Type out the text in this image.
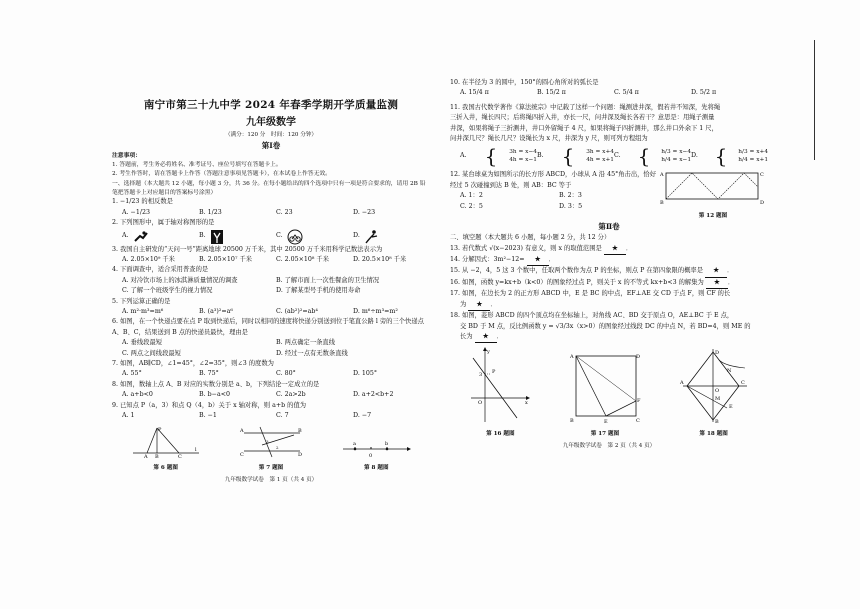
南宁市第三十九中学 2024 年春季学期开学质量监测
九年级数学
（满分：120 分　时间：120 分钟）
第Ⅰ卷
注意事项：
1. 答题前，考生务必将姓名、准考证号、座位号填写在答题卡上。
2. 考生作答时，请在答题卡上作答（答题注意事项见答题卡），在本试卷上作答无效。
一、选择题（本大题共 12 小题，每小题 3 分，共 36 分。在每小题给出的四个选项中只有一项是符合要求的，请用 2B 铅笔把答题卡上对应题目的答案标号涂黑）
1. −1/23 的相反数是
A. −1/23	B. 1/23	C. 23	D. −23
2. 下列图形中，属于轴对称图形的是
A.	B.	C.	D.
3. 我国自主研发的“天问一号”距离地球 20500 万千米，其中 20500 万千米用科学记数法表示为
A. 2.05×10⁹ 千米	B. 2.05×10⁷ 千米	C. 2.05×10⁸ 千米	D. 20.5×10⁸ 千米
4. 下面调查中，适合采用普查的是
A. 对冷饮市场上的冰淇淋质量情况的调查	B. 了解市面上一次性餐盒的卫生情况
C. 了解一个班级学生的视力情况	D. 了解某型号手机的使用寿命
5. 下列运算正确的是
A. m²·m³=m⁶	B. (a³)²=a⁶	C. (ab²)²=ab⁴	D. m⁶÷m³=m²
6. 如图，在一个快递点要在点 P 取到快递后，同时以相同的速度将快递分别送到位于笔直公路 l 旁的三个快递点 A、B、C，结果送到 B 点的快递员最快，理由是
A. 垂线段最短	B. 两点确定一条直线
C. 两点之间线段最短	D. 经过一点有无数条直线
7. 如图，AB∥CD，∠1=45°，∠2=35°，则∠3 的度数为
A. 55°	B. 75°	C. 80°	D. 105°
8. 如图，数轴上点 A、B 对应的实数分别是 a、b，下列结论一定成立的是
A. a+b<0	B. b−a<0	C. 2a>2b	D. a+2<b+2
9. 已知点 P（a，3）和点 Q（4，b）关于 x 轴对称，则 a+b 的值为
A. 1	B. −1	C. 7	D. −7
P
A B	C
l
第 6 题图
A	B
C	D
3
2
第 7 题图
a
0
b
第 8 题图
九年级数学试卷　第 1 页（共 4 页）
10. 在半径为 3 的圆中，150°的圆心角所对的弧长是
A. 15/4 π	B. 15/2 π	C. 5/4 π	D. 5/2 π
11. 我国古代数学著作《算法统宗》中记载了这样一个问题：绳测进井深，假若井不知深，先将绳
三折入井，绳长四尺；后将绳四折入井，亦长一尺，问井深及绳长各若干？意思是：用绳子测量
井深，如果将绳子三折测井，井口外留绳子 4 尺，如果将绳子四折测井，那么井口外余下 1 尺，
问井深几尺？绳长几尺？设绳长为 x 尺，井深为 y 尺，则可列方程组为
A. {	3h = x−4
4h = x−1
B. {	3h = x+4
4h = x+1
C. {	h/3 = x−4
h/4 = x−1
D. {	h/3 = x+4
h/4 = x+1
12. 某台球桌为如图所示的长方形 ABCD，小球从 A 沿 45°角击出，恰好经过 5 次碰撞到达 B 处，则 AB：BC 等于
A. 1：2	B. 2：3
C. 2：5	D. 3：5
A
B
C
D
第 12 题图
第Ⅱ卷
二、填空题（本大题共 6 小题，每小题 2 分，共 12 分）
13. 若代数式 √(x−2023) 有意义，则 x 的取值范围是 ★ ．
14. 分解因式：3m²−12= ★ ．
15. 从 −2，4，5 这 3 个数中，任取两个数作为点 P 的坐标，则点 P 在第四象限的概率是 ★ ．
16. 如图，函数 y=kx+b（k<0）的图象经过点 P，则关于 x 的不等式 kx+b<3 的解集为 ★ ．
17. 如图，在边长为 2 的正方形 ABCD 中，E 是 BC 的中点，EF⊥AE 交 CD 于点 F，则 CF 的长
为 ★ ．
18. 如图，菱形 ABCD 的四个顶点均在坐标轴上，对角线 AC、BD 交于原点 O，AE⊥BC 于 E 点，
交 BD 于 M 点，反比例函数 y = √3/3x（x>0）的图象经过线段 DC 的中点 N，若 BD=4，则 ME 的
长为 ★ ．
P
3
O	x
y
第 16 题图
A	D
B	E	C
F
第 17 题图
D
C
B
A
O
N
E
M
第 18 题图
九年级数学试卷　第 2 页（共 4 页）
